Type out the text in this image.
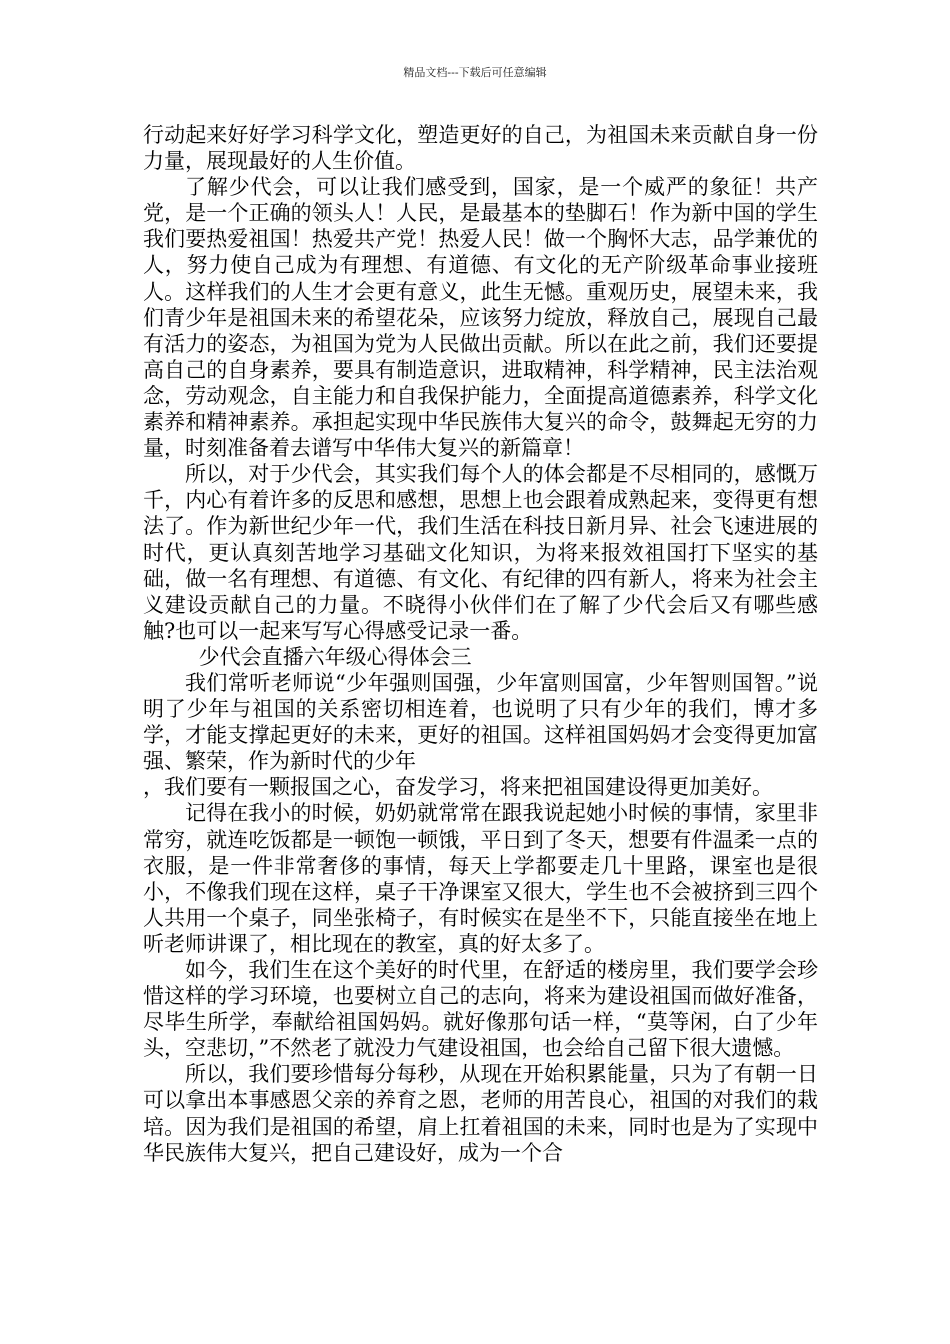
精品文档---下载后可任意编辑

行动起来好好学习科学文化，塑造更好的自己，为祖国未来贡献自身一份力量，展现最好的人生价值。

了解少代会，可以让我们感受到，国家，是一个威严的象征！共产党，是一个正确的领头人！人民，是最基本的垫脚石！作为新中国的学生我们要热爱祖国！热爱共产党！热爱人民！做一个胸怀大志，品学兼优的人，努力使自己成为有理想、有道德、有文化的无产阶级革命事业接班人。这样我们的人生才会更有意义，此生无憾。重观历史，展望未来，我们青少年是祖国未来的希望花朵，应该努力绽放，释放自己，展现自己最有活力的姿态，为祖国为党为人民做出贡献。所以在此之前，我们还要提高自己的自身素养，要具有制造意识，进取精神，科学精神，民主法治观念，劳动观念，自主能力和自我保护能力，全面提高道德素养，科学文化素养和精神素养。承担起实现中华民族伟大复兴的命令，鼓舞起无穷的力量，时刻准备着去谱写中华伟大复兴的新篇章！

所以，对于少代会，其实我们每个人的体会都是不尽相同的，感慨万千，内心有着许多的反思和感想，思想上也会跟着成熟起来，变得更有想法了。作为新世纪少年一代，我们生活在科技日新月异、社会飞速进展的时代，更认真刻苦地学习基础文化知识，为将来报效祖国打下坚实的基础，做一名有理想、有道德、有文化、有纪律的四有新人，将来为社会主义建设贡献自己的力量。不晓得小伙伴们在了解了少代会后又有哪些感触?也可以一起来写写心得感受记录一番。

少代会直播六年级心得体会三

我们常听老师说“少年强则国强，少年富则国富，少年智则国智。”说明了少年与祖国的关系密切相连着，也说明了只有少年的我们，博才多学，才能支撑起更好的未来，更好的祖国。这样祖国妈妈才会变得更加富强、繁荣，作为新时代的少年

，我们要有一颗报国之心，奋发学习，将来把祖国建设得更加美好。

记得在我小的时候，奶奶就常常在跟我说起她小时候的事情，家里非常穷，就连吃饭都是一顿饱一顿饿，平日到了冬天，想要有件温柔一点的衣服，是一件非常奢侈的事情，每天上学都要走几十里路，课室也是很小，不像我们现在这样，桌子干净课室又很大，学生也不会被挤到三四个人共用一个桌子，同坐张椅子，有时候实在是坐不下，只能直接坐在地上听老师讲课了，相比现在的教室，真的好太多了。

如今，我们生在这个美好的时代里，在舒适的楼房里，我们要学会珍惜这样的学习环境，也要树立自己的志向，将来为建设祖国而做好准备，尽毕生所学，奉献给祖国妈妈。就好像那句话一样，“莫等闲，白了少年头，空悲切，”不然老了就没力气建设祖国，也会给自己留下很大遗憾。

所以，我们要珍惜每分每秒，从现在开始积累能量，只为了有朝一日可以拿出本事感恩父亲的养育之恩，老师的用苦良心，祖国的对我们的栽培。因为我们是祖国的希望，肩上扛着祖国的未来，同时也是为了实现中华民族伟大复兴，把自己建设好，成为一个合
